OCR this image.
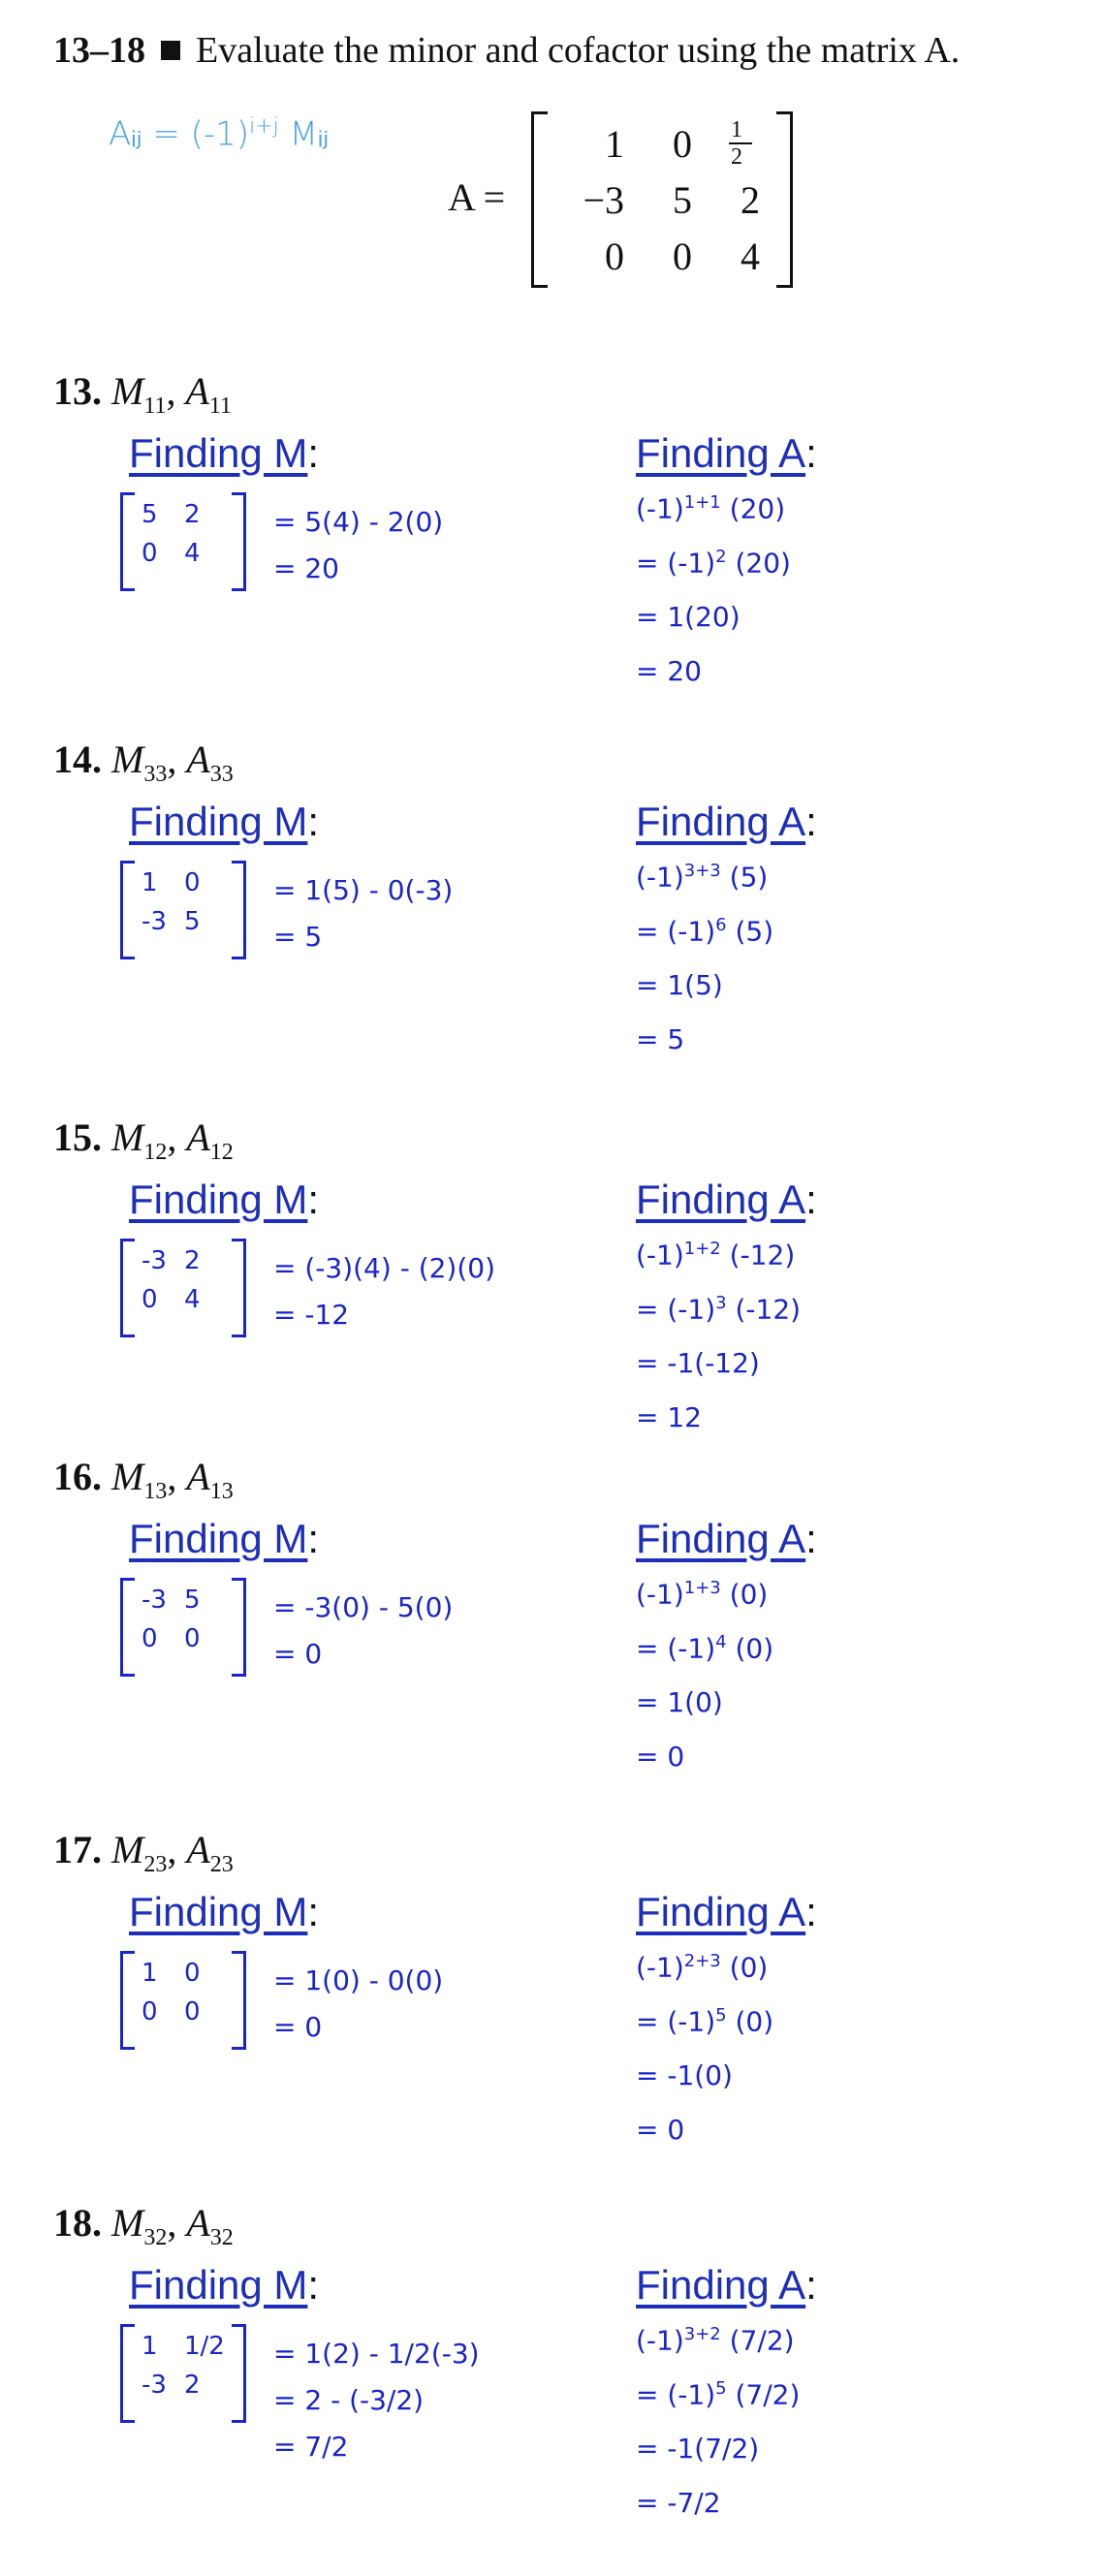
13–18 Evaluate the minor and cofactor using the matrix A.
Aᵢⱼ = $(-1)^{i+j}$ Mᵢⱼ
A =
1	0	$\frac{1}{2}$
−3	5	2
0	0	4
13. $M_{11}$, $A_{11}$
Finding M:	Finding A:
5	2
0	4
= 5(4) - 2(0)
= 20
$(-1)^{1+1}$ (20)
= $(-1)^2$ (20)
= 1(20)
= 20
14. $M_{33}$, $A_{33}$
Finding M:	Finding A:
1	0
-3 5
= 1(5) - 0(-3)
= 5
$(-1)^{3+3}$ (5)
= $(-1)^6$ (5)
= 1(5)
= 5
15. $M_{12}$, $A_{12}$
Finding M:	Finding A:
-3 2
0	4
= (-3)(4) - (2)(0)
= -12
$(-1)^{1+2}$ (-12)
= $(-1)^3$ (-12)
= -1(-12)
= 12
16. $M_{13}$, $A_{13}$
Finding M:	Finding A:
-3 5
0	0
= -3(0) - 5(0)
= 0
$(-1)^{1+3}$ (0)
= $(-1)^4$ (0)
= 1(0)
= 0
17. $M_{23}$, $A_{23}$
Finding M:	Finding A:
1	0
0	0
= 1(0) - 0(0)
= 0
$(-1)^{2+3}$ (0)
= $(-1)^5$ (0)
= -1(0)
= 0
18. $M_{32}$, $A_{32}$
Finding M:	Finding A:
1	1/2
-3 2
= 1(2) - 1/2(-3)
= 2 - (-3/2)
= 7/2
$(-1)^{3+2}$ (7/2)
= $(-1)^5$ (7/2)
= -1(7/2)
= -7/2
